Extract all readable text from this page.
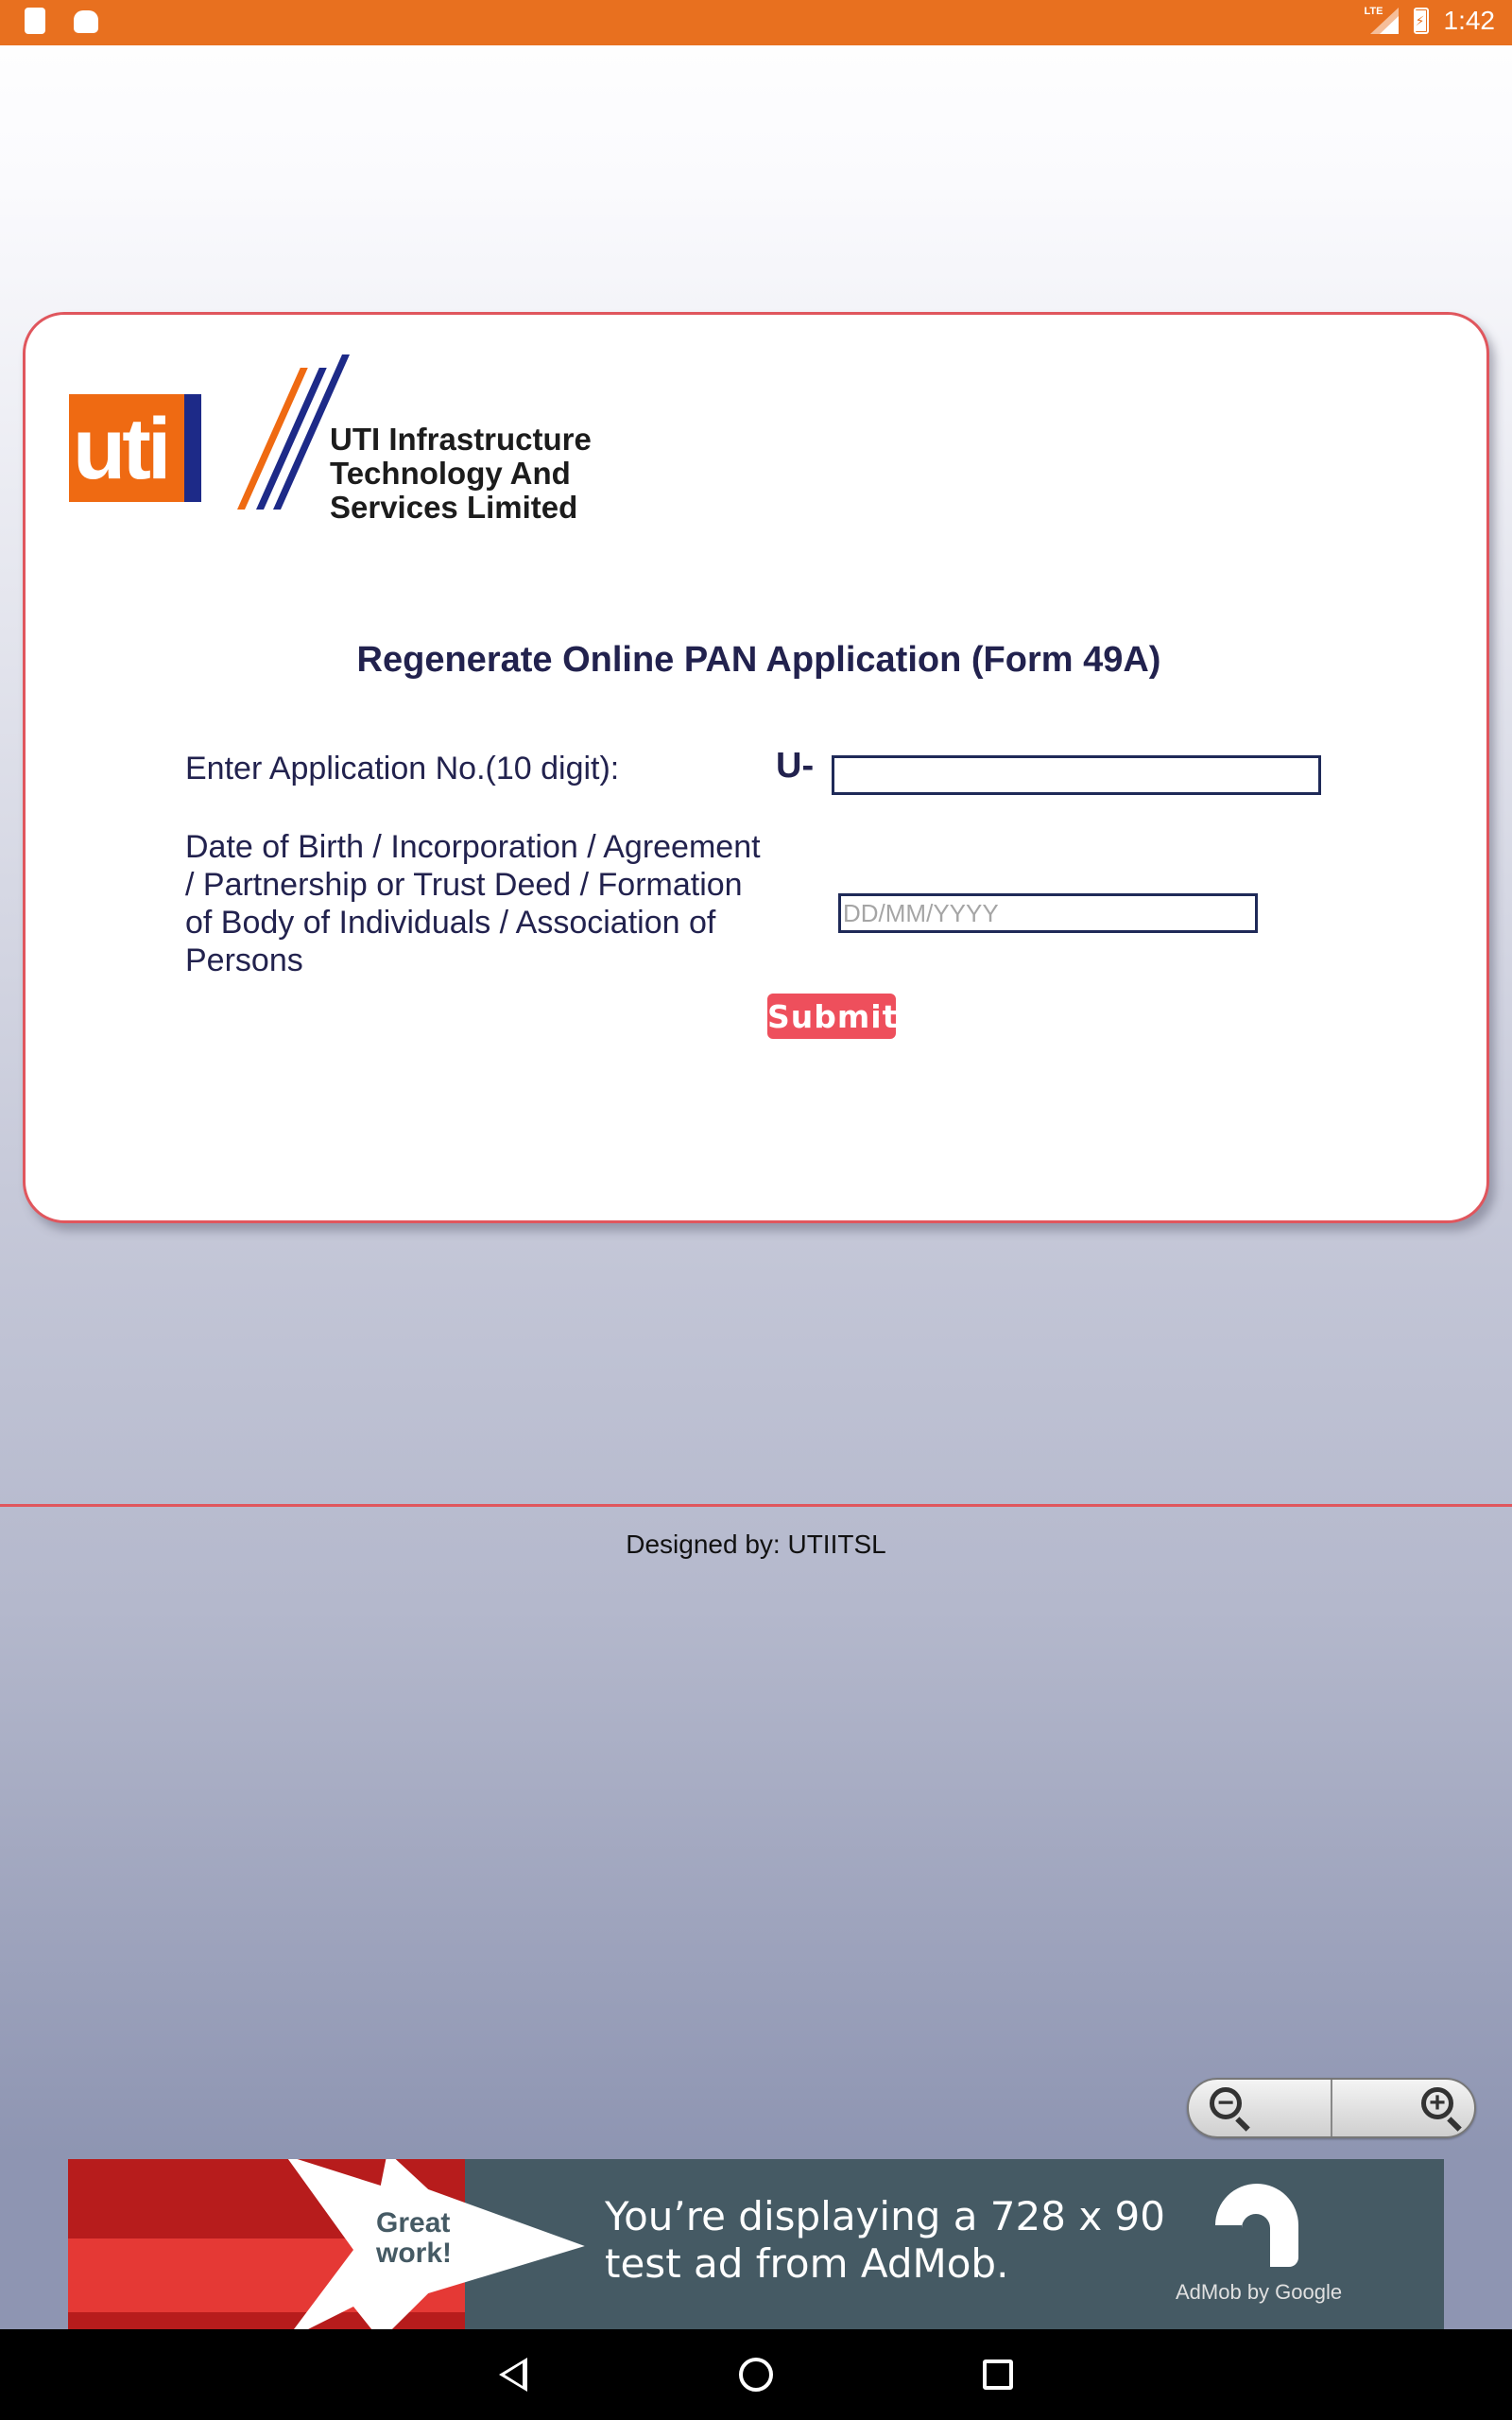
LTE
⚡ 1:42
uti	UTI Infrastructure
Technology And
Services Limited
Regenerate Online PAN Application (Form 49A)
Enter Application No.(10 digit):	U-
Date of Birth / Incorporation / Agreement / Partnership or Trust Deed / Formation of Body of Individuals / Association of Persons
DD/MM/YYYY
Submit
Designed by: UTIITSL
−	+
Great
work!
You’re displaying a 728 x 90
test ad from AdMob.
AdMob by Google
